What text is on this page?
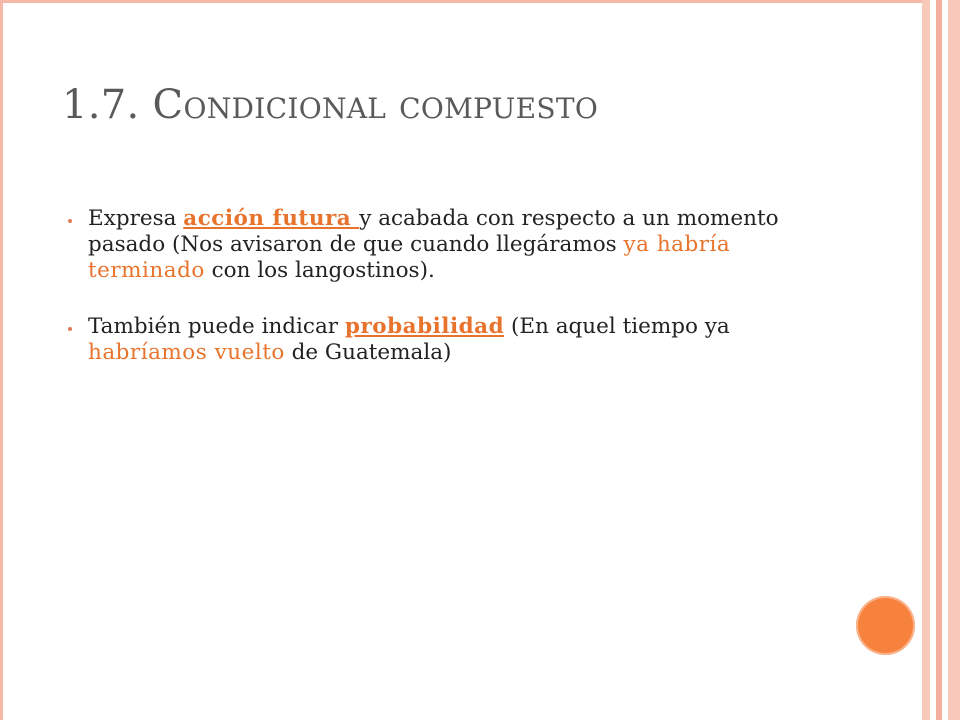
1.7. Condicional compuesto
Expresa acción futura y acabada con respecto a un momento pasado (Nos avisaron de que cuando llegáramos ya habría terminado con los langostinos).
También puede indicar probabilidad (En aquel tiempo ya habríamos vuelto de Guatemala)
